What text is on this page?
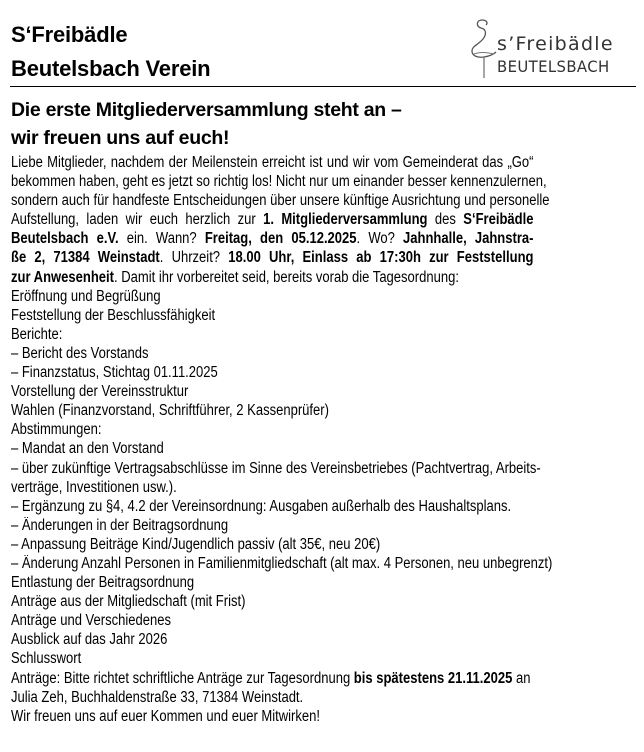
S‘Freibädle
Beutelsbach Verein
s’Freibädle
BEUTELSBACH
Die erste Mitgliederversammlung steht an –
wir freuen uns auf euch!
Liebe Mitglieder, nachdem der Meilenstein erreicht ist und wir vom Gemeinderat das „Go“
bekommen haben, geht es jetzt so richtig los! Nicht nur um einander besser kennenzulernen,
sondern auch für handfeste Entscheidungen über unsere künftige Ausrichtung und personelle
Aufstellung, laden wir euch herzlich zur 1. Mitgliederversammlung des S‘Freibädle
Beutelsbach e.V. ein. Wann? Freitag, den 05.12.2025. Wo? Jahnhalle, Jahnstra-
ße 2, 71384 Weinstadt. Uhrzeit? 18.00 Uhr, Einlass ab 17:30h zur Feststellung
zur Anwesenheit. Damit ihr vorbereitet seid, bereits vorab die Tagesordnung:
Eröffnung und Begrüßung
Feststellung der Beschlussfähigkeit
Berichte:
– Bericht des Vorstands
– Finanzstatus, Stichtag 01.11.2025
Vorstellung der Vereinsstruktur
Wahlen (Finanzvorstand, Schriftführer, 2 Kassenprüfer)
Abstimmungen:
– Mandat an den Vorstand
– über zukünftige Vertragsabschlüsse im Sinne des Vereinsbetriebes (Pachtvertrag, Arbeits-
verträge, Investitionen usw.).
– Ergänzung zu §4, 4.2 der Vereinsordnung: Ausgaben außerhalb des Haushaltsplans.
– Änderungen in der Beitragsordnung
– Anpassung Beiträge Kind/Jugendlich passiv (alt 35€, neu 20€)
– Änderung Anzahl Personen in Familienmitgliedschaft (alt max. 4 Personen, neu unbegrenzt)
Entlastung der Beitragsordnung
Anträge aus der Mitgliedschaft (mit Frist)
Anträge und Verschiedenes
Ausblick auf das Jahr 2026
Schlusswort
Anträge: Bitte richtet schriftliche Anträge zur Tagesordnung bis spätestens 21.11.2025 an
Julia Zeh, Buchhaldenstraße 33, 71384 Weinstadt.
Wir freuen uns auf euer Kommen und euer Mitwirken!
